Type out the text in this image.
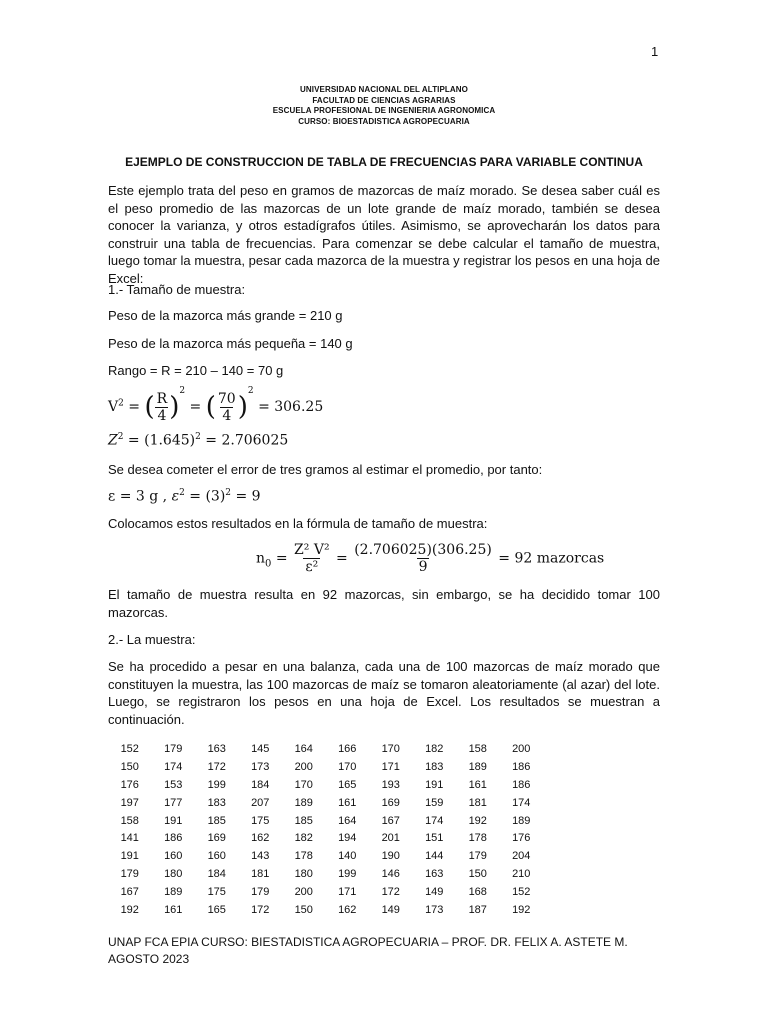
1
UNIVERSIDAD NACIONAL DEL ALTIPLANO
FACULTAD DE CIENCIAS AGRARIAS
ESCUELA PROFESIONAL DE INGENIERIA AGRONOMICA
CURSO: BIOESTADISTICA AGROPECUARIA
EJEMPLO DE CONSTRUCCION DE TABLA DE FRECUENCIAS PARA VARIABLE CONTINUA
Este ejemplo trata del peso en gramos de mazorcas de maíz morado. Se desea saber cuál es el peso promedio de las mazorcas de un lote grande de maíz morado, también se desea conocer la varianza, y otros estadígrafos útiles. Asimismo, se aprovecharán los datos para construir una tabla de frecuencias. Para comenzar se debe calcular el tamaño de muestra, luego tomar la muestra, pesar cada mazorca de la muestra y registrar los pesos en una hoja de Excel:
1.- Tamaño de muestra:
Peso de la mazorca más grande = 210 g
Peso de la mazorca más pequeña = 140 g
Rango = R = 210 – 140 = 70 g
$V^2$ = ( $\frac{R}{4} )^2$ = ( $\frac{70}{4} )^2 = 306.25$
$Z^2 = (1.645)^2 = 2.706025$
Se desea cometer el error de tres gramos al estimar el promedio, por tanto:
ε = 3 g , $\varepsilon^2 = (3)^2 = 9$
Colocamos estos resultados en la fórmula de tamaño de muestra:
$n_0 = \frac{\text{Z² V²}}{\text{ε²}} = \frac{(2.706025)(306.25)}{9} = 92$ mazorcas
El tamaño de muestra resulta en 92 mazorcas, sin embargo, se ha decidido tomar 100 mazorcas.
2.- La muestra:
Se ha procedido a pesar en una balanza, cada una de 100 mazorcas de maíz morado que constituyen la muestra, las 100 mazorcas de maíz se tomaron aleatoriamente (al azar) del lote. Luego, se registraron los pesos en una hoja de Excel. Los resultados se muestran a continuación.
152	179	163	145	164	166	170	182	158	200
150	174	172	173	200	170	171	183	189	186
176	153	199	184	170	165	193	191	161	186
197	177	183	207	189	161	169	159	181	174
158	191	185	175	185	164	167	174	192	189
141	186	169	162	182	194	201	151	178	176
191	160	160	143	178	140	190	144	179	204
179	180	184	181	180	199	146	163	150	210
167	189	175	179	200	171	172	149	168	152
192	161	165	172	150	162	149	173	187	192
UNAP FCA EPIA CURSO: BIESTADISTICA AGROPECUARIA – PROF. DR. FELIX A. ASTETE M. AGOSTO 2023
